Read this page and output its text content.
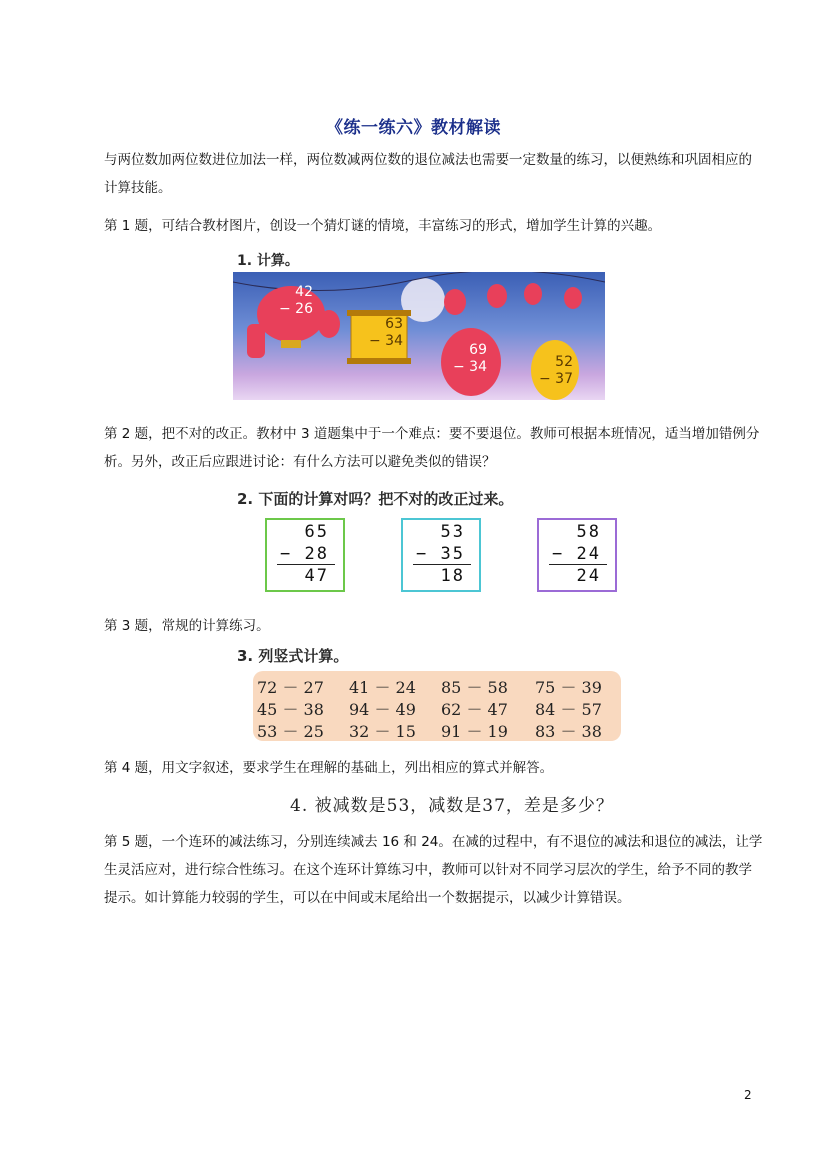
《练一练六》教材解读

与两位数加两位数进位加法一样，两位数减两位数的退位减法也需要一定数量的练习，以便熟练和巩固相应的计算技能。

第 1 题，可结合教材图片，创设一个猜灯谜的情境，丰富练习的形式，增加学生计算的兴趣。

1. 计算。
42
− 26
63
− 34
69
− 34	52
− 37

第 2 题，把不对的改正。教材中 3 道题集中于一个难点：要不要退位。教师可根据本班情况，适当增加错例分析。另外，改正后应跟进讨论：有什么方法可以避免类似的错误？

2. 下面的计算对吗？把不对的改正过来。
65
− 28
47
53
− 35
18
58
− 24
24

第 3 题，常规的计算练习。

3. 列竖式计算。
72 － 27 41 － 24 85 － 58 75 － 39
45 － 38 94 － 49 62 － 47 84 － 57
53 － 25 32 － 15 91 － 19 83 － 38

第 4 题，用文字叙述，要求学生在理解的基础上，列出相应的算式并解答。

4. 被减数是53，减数是37，差是多少？

第 5 题，一个连环的减法练习，分别连续减去 16 和 24。在减的过程中，有不退位的减法和退位的减法，让学生灵活应对，进行综合性练习。在这个连环计算练习中，教师可以针对不同学习层次的学生，给予不同的教学提示。如计算能力较弱的学生，可以在中间或末尾给出一个数据提示，以减少计算错误。

2
